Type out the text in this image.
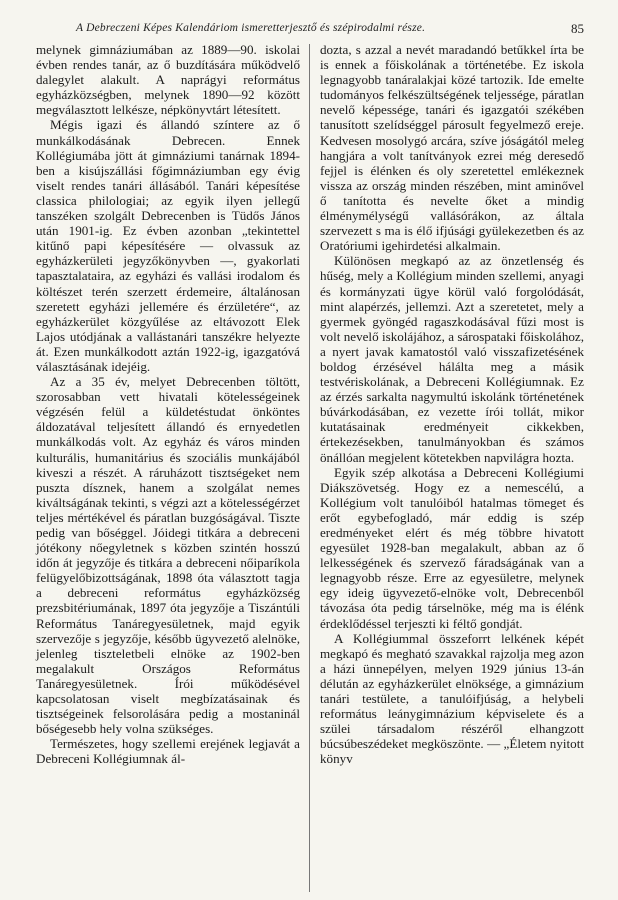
A Debreczeni Képes Kalendáriom ismeretterjesztő és szépirodalmi része.	85

melynek gimnáziumában az 1889—90. iskolai évben rendes tanár, az ő buzdítására működvelő dalegylet alakult. A naprágyi református egyházközségben, melynek 1890—92 között megválasztott lelkésze, népkönyvtárt létesített.

Mégis igazi és állandó színtere az ő munkálkodásának Debrecen. Ennek Kollégiumába jött át gimnáziumi tanárnak 1894-ben a kisújszállási főgimnáziumban egy évig viselt rendes tanári állásából. Tanári képesítése classica philologiai; az egyik ilyen jellegű tanszéken szolgált Debrecenben is Tüdős János után 1901-ig. Ez évben azonban „tekintettel kitűnő papi képesítésére — olvassuk az egyházkerületi jegyzőkönyvben —, gyakorlati tapasztalataira, az egyházi és vallási irodalom és költészet terén szerzett érdemeire, általánosan szeretett egyházi jellemére és érzületére“, az egyházkerület közgyűlése az eltávozott Elek Lajos utódjának a vallástanári tanszékre helyezte át. Ezen munkálkodott aztán 1922-ig, igazgatóvá választásának idejéig.

Az a 35 év, melyet Debrecenben töltött, szorosabban vett hivatali kötelességeinek végzésén felül a küldetéstudat önköntes áldozatával teljesített állandó és ernyedetlen munkálkodás volt. Az egyház és város minden kulturális, humanitárius és szociális munkájából kiveszi a részét. A ráruházott tisztségeket nem puszta dísznek, hanem a szolgálat nemes kiváltságának tekinti, s végzi azt a kötelességérzet teljes mértékével és páratlan buzgóságával. Tiszte pedig van bőséggel. Jóidegi titkára a debreceni jótékony nőegyletnek s közben szintén hosszú időn át jegyzője és titkára a debreceni nőiparíkola felügyelőbizottságának, 1898 óta választott tagja a debreceni református egyházközség prezsbitériumának, 1897 óta jegyzője a Tiszántúli Református Tanáregyesületnek, majd egyik szervezője s jegyzője, később ügyvezető alelnöke, jelenleg tiszteletbeli elnöke az 1902-ben megalakult Országos Református Tanáregyesületnek. Írói működésével kapcsolatosan viselt megbízatásainak és tisztségeinek felsorolására pedig a mostaninál bőségesebb hely volna szükséges.

Természetes, hogy szellemi erejének legjavát a Debreceni Kollégiumnak ál-

dozta, s azzal a nevét maradandó betűkkel írta be is ennek a főiskolának a történetébe. Ez iskola legnagyobb tanáralakjai közé tartozik. Ide emelte tudományos felkészültségének teljessége, páratlan nevelő képessége, tanári és igazgatói székében tanusított szelídséggel párosult fegyelmező ereje. Kedvesen mosolygó arcára, szíve jóságától meleg hangjára a volt tanítványok ezrei még deresedő fejjel is élénken és oly szeretettel emlékeznek vissza az ország minden részében, mint aminővel ő tanította és nevelte őket a mindig élménymélységű vallásórákon, az általa szervezett s ma is élő ifjúsági gyülekezetben és az Oratóriumi igehirdetési alkalmain.

Különösen megkapó az az önzetlenség és hűség, mely a Kollégium minden szellemi, anyagi és kormányzati ügye körül való forgolódását, mint alapérzés, jellemzi. Azt a szeretetet, mely a gyermek gyöngéd ragaszkodásával fűzi most is volt nevelő iskolájához, a sárospataki főiskolához, a nyert javak kamatostól való visszafizetésének boldog érzésével hálálta meg a másik testvériskolának, a Debreceni Kollégiumnak. Ez az érzés sarkalta nagymultú iskolánk történetének búvárkodásában, ez vezette írói tollát, mikor kutatásainak eredményeit cikkekben, értekezésekben, tanulmányokban és számos önállóan megjelent kötetekben napvilágra hozta.

Egyik szép alkotása a Debreceni Kollégiumi Diákszövetség. Hogy ez a nemescélú, a Kollégium volt tanulóiból hatalmas tömeget és erőt egybefogladó, már eddig is szép eredményeket elért és még többre hivatott egyesület 1928-ban megalakult, abban az ő lelkességének és szervező fáradságának van a legnagyobb része. Erre az egyesületre, melynek egy ideig ügyvezető-elnöke volt, Debrecenből távozása óta pedig társelnöke, még ma is élénk érdeklődéssel terjeszti ki féltő gondját.

A Kollégiummal összeforrt lelkének képét megkapó és megható szavakkal rajzolja meg azon a házi ünnepélyen, melyen 1929 június 13-án délután az egyházkerület elnöksége, a gimnázium tanári testülete, a tanulóifjúság, a helybeli református leánygimnázium képviselete és a szülei társadalom részéről elhangzott búcsúbeszédeket megköszönte. — „Életem nyitott könyv
